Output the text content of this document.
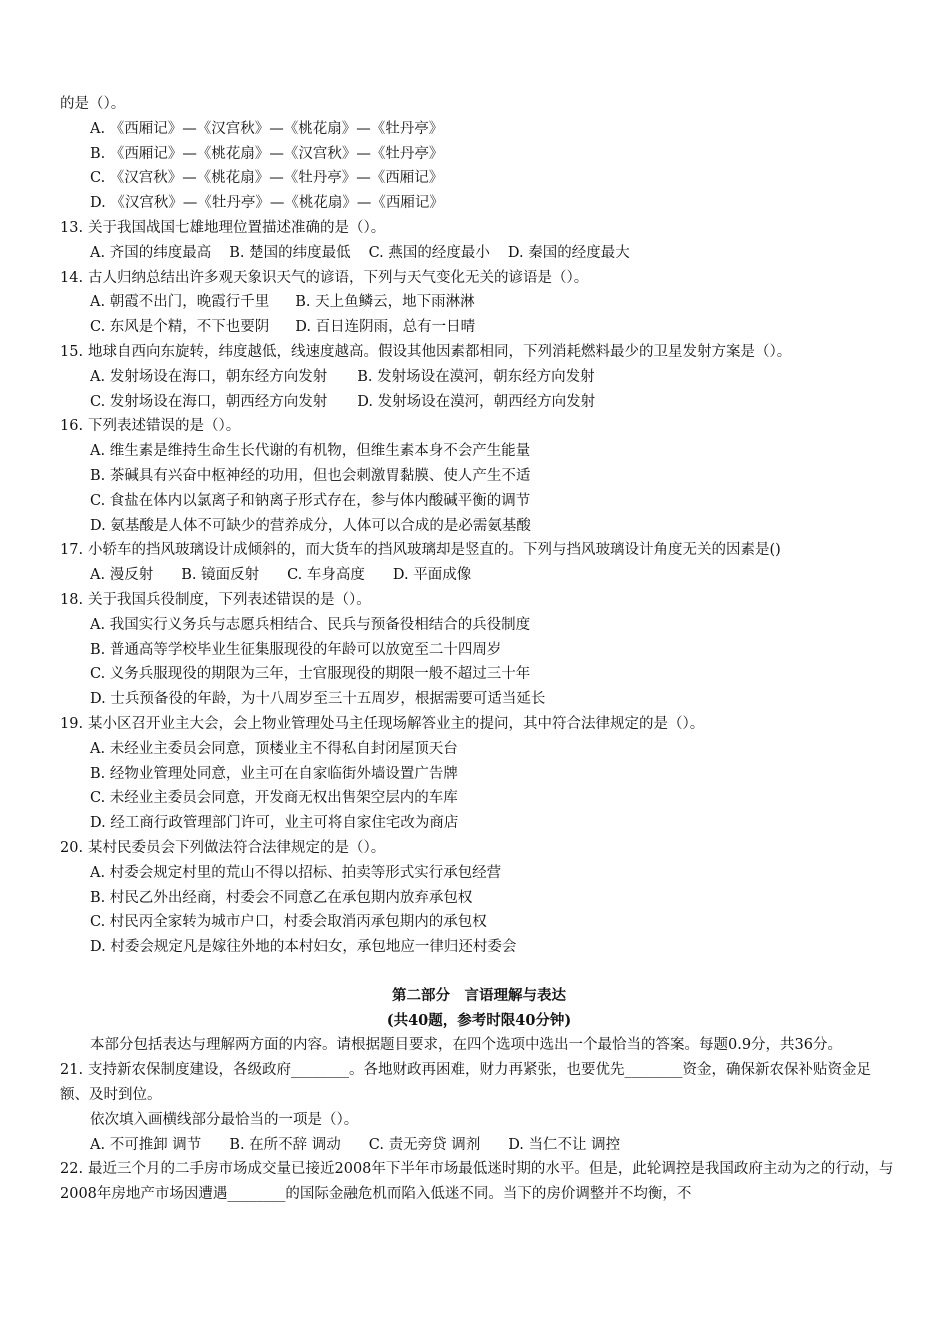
的是（）。
A. 《西厢记》—《汉宫秋》—《桃花扇》—《牡丹亭》
B. 《西厢记》—《桃花扇》—《汉宫秋》—《牡丹亭》
C. 《汉宫秋》—《桃花扇》—《牡丹亭》—《西厢记》
D. 《汉宫秋》—《牡丹亭》—《桃花扇》—《西厢记》
13. 关于我国战国七雄地理位置描述准确的是（）。
A. 齐国的纬度最高 B. 楚国的纬度最低 C. 燕国的经度最小 D. 秦国的经度最大
14. 古人归纳总结出许多观天象识天气的谚语，下列与天气变化无关的谚语是（）。
A. 朝霞不出门，晚霞行千里 B. 天上鱼鳞云，地下雨淋淋
C. 东风是个精，不下也要阴 D. 百日连阴雨，总有一日晴
15. 地球自西向东旋转，纬度越低，线速度越高。假设其他因素都相同，下列消耗燃料最少的卫星发射方案是（）。
A. 发射场设在海口，朝东经方向发射 B. 发射场设在漠河，朝东经方向发射
C. 发射场设在海口，朝西经方向发射 D. 发射场设在漠河，朝西经方向发射
16. 下列表述错误的是（）。
A. 维生素是维持生命生长代谢的有机物，但维生素本身不会产生能量
B. 茶碱具有兴奋中枢神经的功用，但也会刺激胃黏膜、使人产生不适
C. 食盐在体内以氯离子和钠离子形式存在，参与体内酸碱平衡的调节
D. 氨基酸是人体不可缺少的营养成分，人体可以合成的是必需氨基酸
17. 小轿车的挡风玻璃设计成倾斜的，而大货车的挡风玻璃却是竖直的。下列与挡风玻璃设计角度无关的因素是()
A. 漫反射 B. 镜面反射 C. 车身高度 D. 平面成像
18. 关于我国兵役制度，下列表述错误的是（）。
A. 我国实行义务兵与志愿兵相结合、民兵与预备役相结合的兵役制度
B. 普通高等学校毕业生征集服现役的年龄可以放宽至二十四周岁
C. 义务兵服现役的期限为三年，士官服现役的期限一般不超过三十年
D. 士兵预备役的年龄，为十八周岁至三十五周岁，根据需要可适当延长
19. 某小区召开业主大会，会上物业管理处马主任现场解答业主的提问，其中符合法律规定的是（）。
A. 未经业主委员会同意，顶楼业主不得私自封闭屋顶天台
B. 经物业管理处同意，业主可在自家临街外墙设置广告牌
C. 未经业主委员会同意，开发商无权出售架空层内的车库
D. 经工商行政管理部门许可，业主可将自家住宅改为商店
20. 某村民委员会下列做法符合法律规定的是（）。
A. 村委会规定村里的荒山不得以招标、拍卖等形式实行承包经营
B. 村民乙外出经商，村委会不同意乙在承包期内放弃承包权
C. 村民丙全家转为城市户口，村委会取消丙承包期内的承包权
D. 村委会规定凡是嫁往外地的本村妇女，承包地应一律归还村委会
第二部分　言语理解与表达
(共40题，参考时限40分钟)
本部分包括表达与理解两方面的内容。请根据题目要求，在四个选项中选出一个最恰当的答案。每题0.9分，共36分。
21. 支持新农保制度建设，各级政府________。各地财政再困难，财力再紧张，也要优先________资金，确保新农保补贴资金足额、及时到位。
依次填入画横线部分最恰当的一项是（）。
A. 不可推卸 调节 B. 在所不辞 调动 C. 责无旁贷 调剂 D. 当仁不让 调控
22. 最近三个月的二手房市场成交量已接近2008年下半年市场最低迷时期的水平。但是，此轮调控是我国政府主动为之的行动，与2008年房地产市场因遭遇________的国际金融危机而陷入低迷不同。当下的房价调整并不均衡，不
